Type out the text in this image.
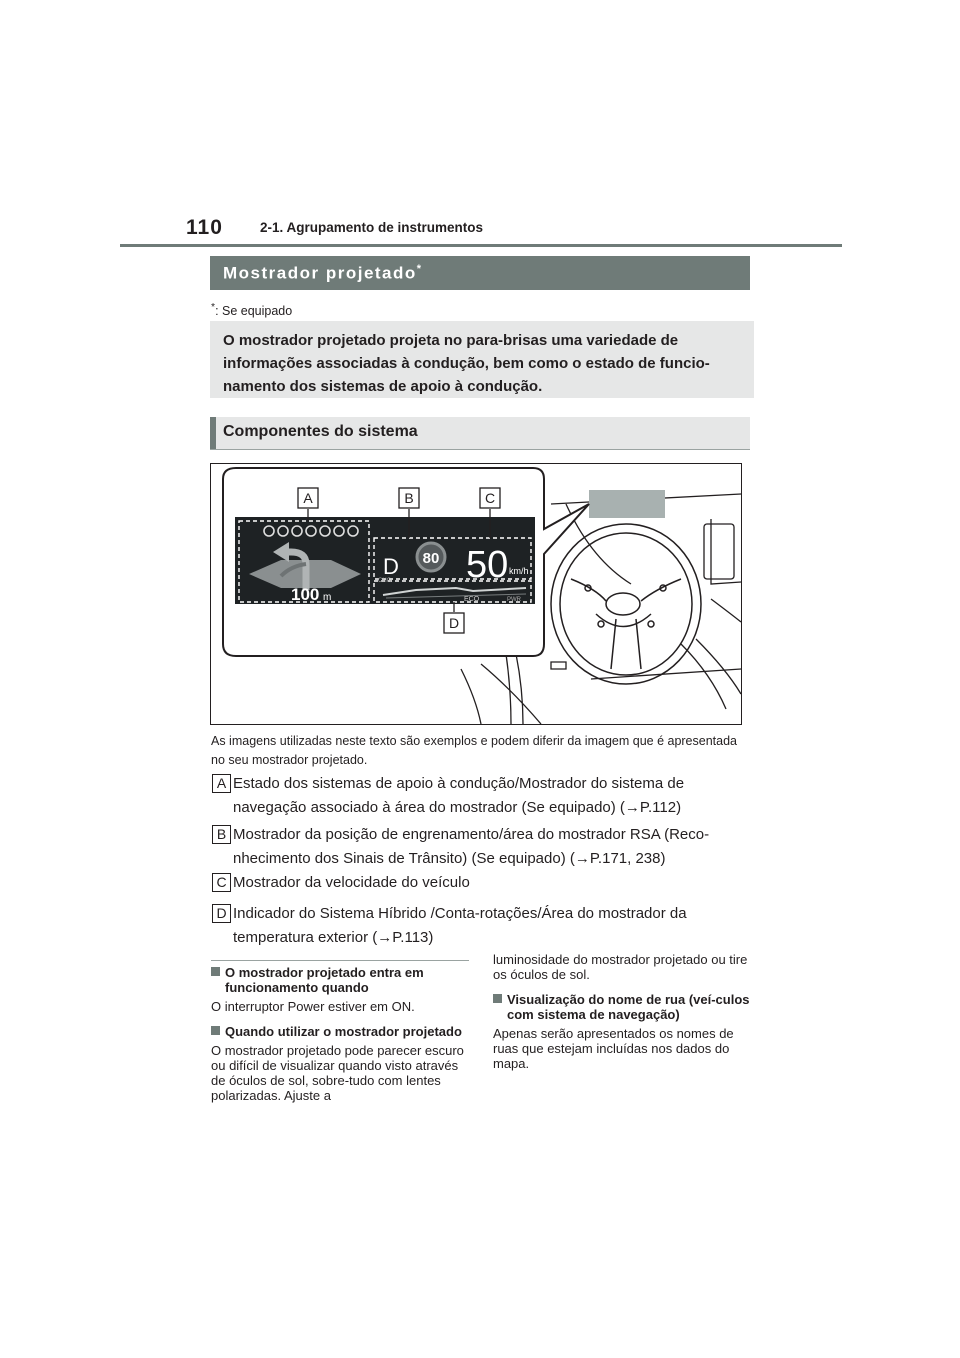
110	2-1. Agrupamento de instrumentos
Mostrador projetado*
*: Se equipado

O mostrador projetado projeta no para-brisas uma variedade de informações associadas à condução, bem como o estado de funcio-namento dos sistemas de apoio à condução.

Componentes do sistema
100 m
D 80 50 km/h
CHG
ECO	PWR
A	B	C
D
As imagens utilizadas neste texto são exemplos e podem diferir da imagem que é apresentada no seu mostrador projetado.
A Estado dos sistemas de apoio à condução/Mostrador do sistema de navegação associado à área do mostrador (Se equipado) (→P.112)
B Mostrador da posição de engrenamento/área do mostrador RSA (Reco-nhecimento dos Sinais de Trânsito) (Se equipado) (→P.171, 238)
C Mostrador da velocidade do veículo
D Indicador do Sistema Híbrido /Conta-rotações/Área do mostrador da temperatura exterior (→P.113)

O mostrador projetado entra em funcionamento quando

O interruptor Power estiver em ON.

Quando utilizar o mostrador projetado

O mostrador projetado pode parecer escuro ou difícil de visualizar quando visto através de óculos de sol, sobre-tudo com lentes polarizadas. Ajuste a

luminosidade do mostrador projetado ou tire os óculos de sol.

Visualização do nome de rua (veí-culos com sistema de navegação)

Apenas serão apresentados os nomes de ruas que estejam incluídas nos dados do mapa.
